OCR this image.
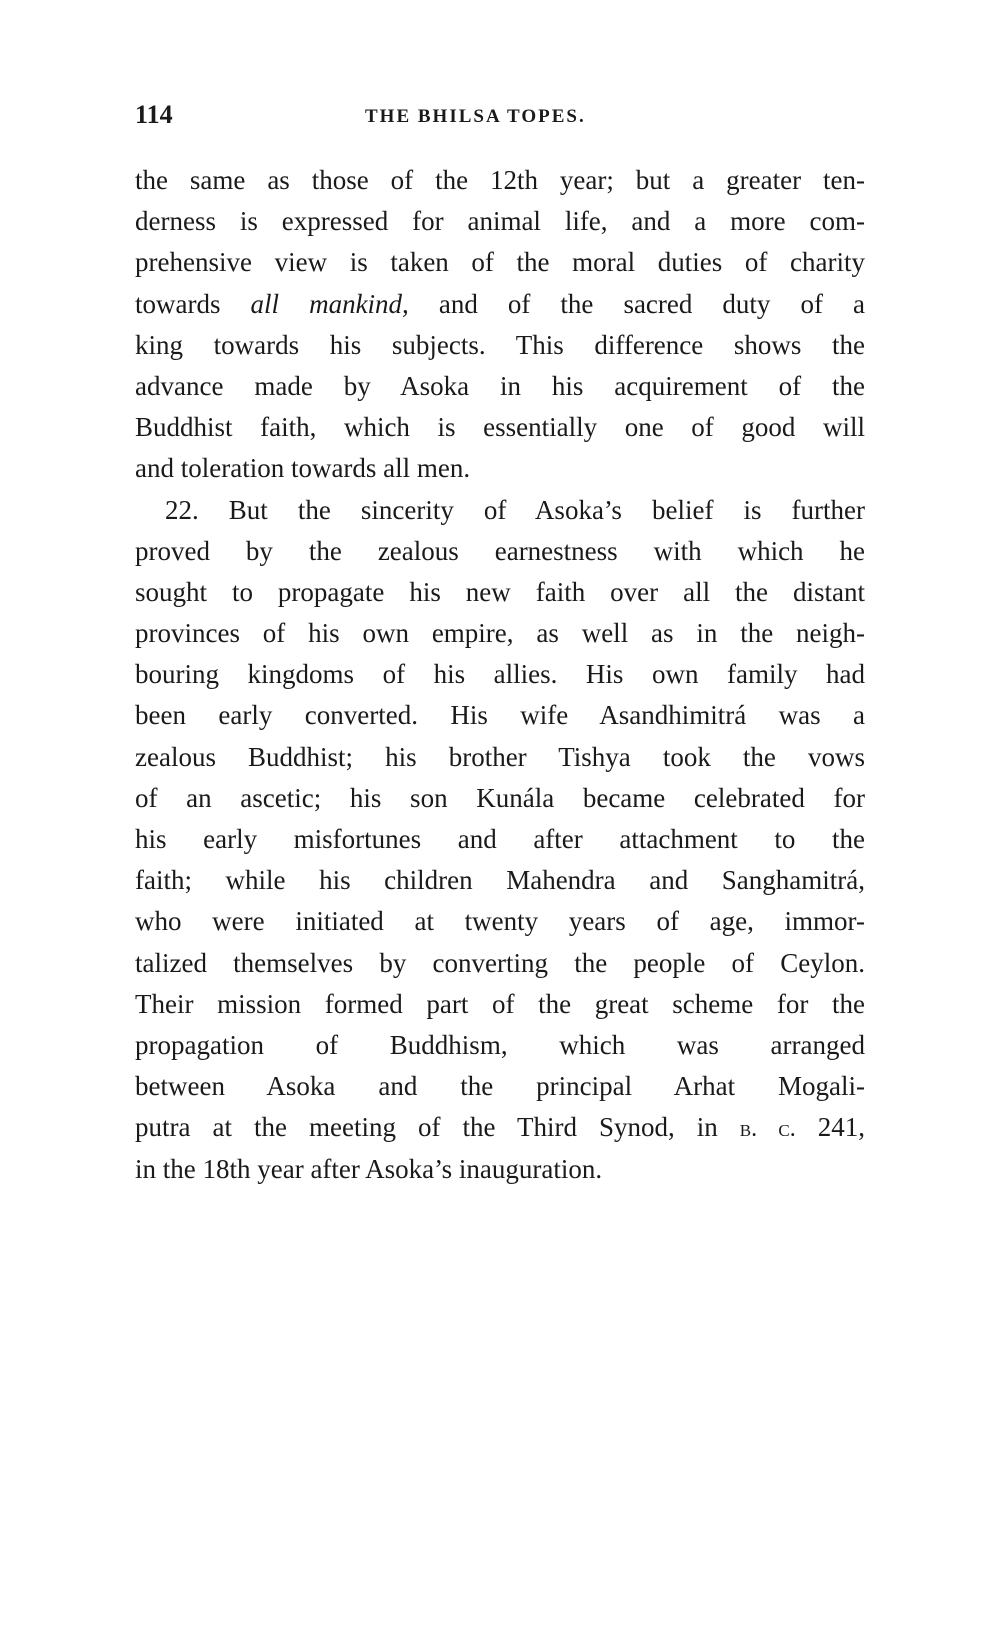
114	THE BHILSA TOPES.
the same as those of the 12th year; but a greater ten-
derness is expressed for animal life, and a more com-
prehensive view is taken of the moral duties of charity
towards all mankind, and of the sacred duty of a
king towards his subjects. This difference shows the
advance made by Asoka in his acquirement of the
Buddhist faith, which is essentially one of good will
and toleration towards all men.
22. But the sincerity of Asoka’s belief is further
proved by the zealous earnestness with which he
sought to propagate his new faith over all the distant
provinces of his own empire, as well as in the neigh-
bouring kingdoms of his allies. His own family had
been early converted. His wife Asandhimitrá was a
zealous Buddhist; his brother Tishya took the vows
of an ascetic; his son Kunála became celebrated for
his early misfortunes and after attachment to the
faith; while his children Mahendra and Sanghamitrá,
who were initiated at twenty years of age, immor-
talized themselves by converting the people of Ceylon.
Their mission formed part of the great scheme for the
propagation of Buddhism, which was arranged
between Asoka and the principal Arhat Mogali-
putra at the meeting of the Third Synod, in b. c. 241,
in the 18th year after Asoka’s inauguration.
